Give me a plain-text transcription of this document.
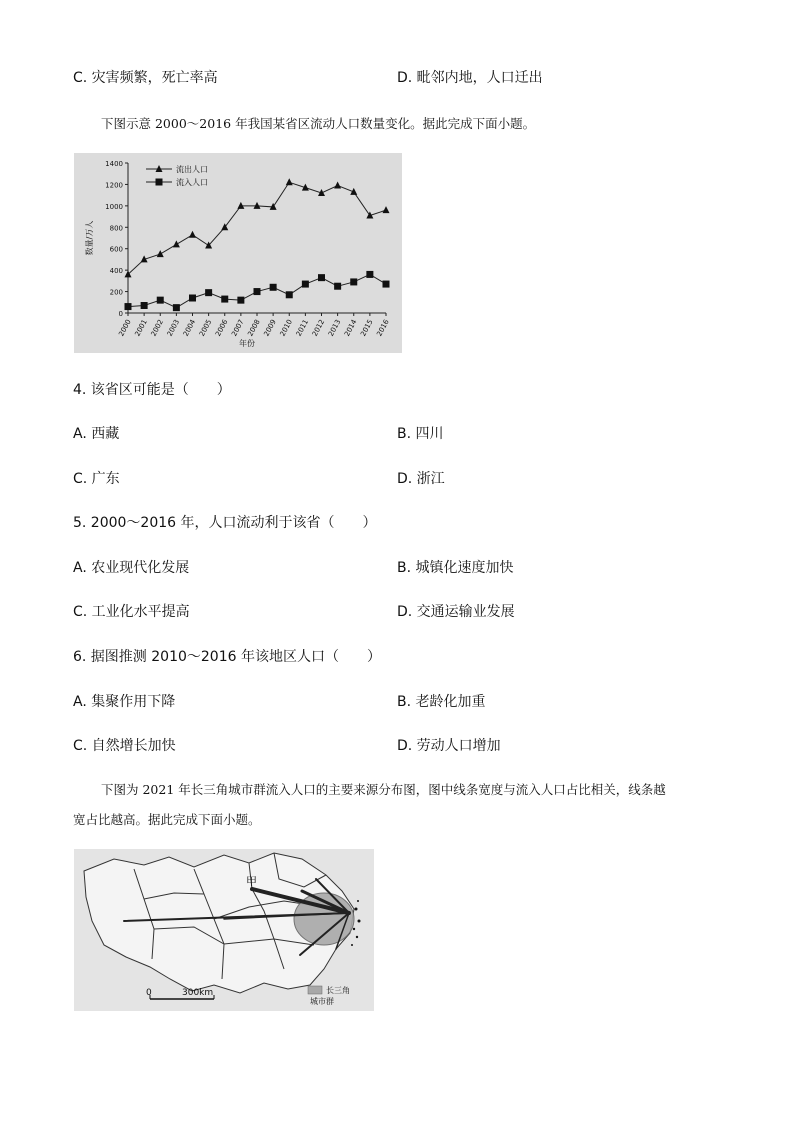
C. 灾害频繁，死亡率高	D. 毗邻内地，人口迁出
下图示意 2000～2016 年我国某省区流动人口数量变化。据此完成下面小题。
0
200
400
600
800
1000
1200
1400
2000 2001 2002 2003 2004 2005 2006 2007 2008 2009 2010 2011 2012 2013 2014 2015 2016
数量/万人
年份
流出人口
流入人口
4. 该省区可能是（　　）
A. 西藏	B. 四川
C. 广东	D. 浙江
5. 2000～2016 年，人口流动利于该省（　　）
A. 农业现代化发展	B. 城镇化速度加快
C. 工业化水平提高	D. 交通运输业发展
6. 据图推测 2010～2016 年该地区人口（　　）
A. 集聚作用下降	B. 老龄化加重
C. 自然增长加快	D. 劳动人口增加
下图为 2021 年长三角城市群流入人口的主要来源分布图，图中线条宽度与流入人口占比相关，线条越
宽占比越高。据此完成下面小题。
甲
0	300km	长三角
城市群
